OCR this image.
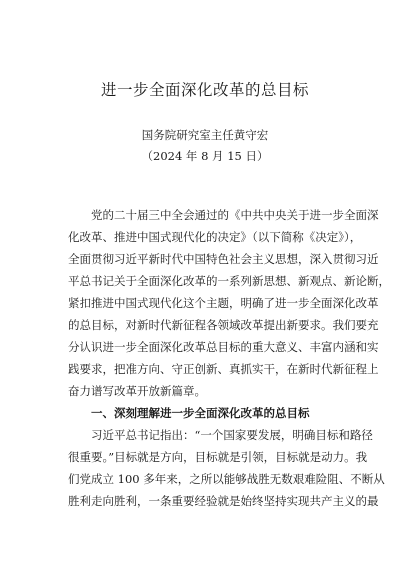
进一步全面深化改革的总目标
国务院研究室主任黄守宏
（2024 年 8 月 15 日）
党的二十届三中全会通过的《中共中央关于进一步全面深
化改革、推进中国式现代化的决定》（以下简称《决定》），
全面贯彻习近平新时代中国特色社会主义思想，深入贯彻习近
平总书记关于全面深化改革的一系列新思想、新观点、新论断，
紧扣推进中国式现代化这个主题，明确了进一步全面深化改革
的总目标，对新时代新征程各领域改革提出新要求。我们要充
分认识进一步全面深化改革总目标的重大意义、丰富内涵和实
践要求，把准方向、守正创新、真抓实干，在新时代新征程上
奋力谱写改革开放新篇章。
一、深刻理解进一步全面深化改革的总目标
习近平总书记指出：“一个国家要发展，明确目标和路径
很重要。”目标就是方向，目标就是引领，目标就是动力。我
们党成立 100 多年来，之所以能够战胜无数艰难险阻、不断从
胜利走向胜利，一条重要经验就是始终坚持实现共产主义的最
